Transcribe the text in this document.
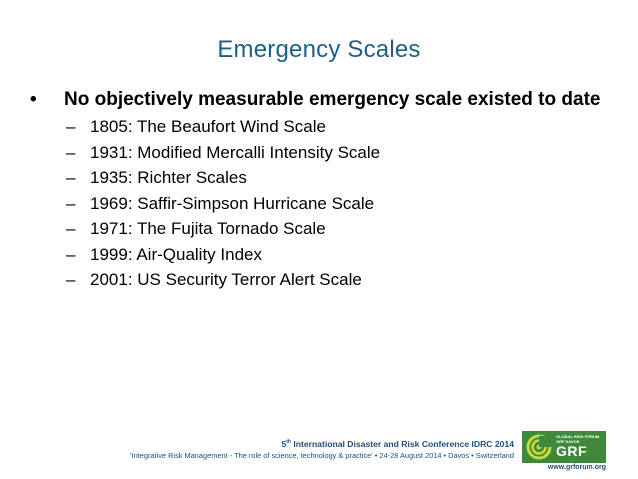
Emergency Scales
•	No objectively measurable emergency scale existed to date
– 1805: The Beaufort Wind Scale
– 1931: Modified Mercalli Intensity Scale
– 1935: Richter Scales
– 1969: Saffir-Simpson Hurricane Scale
– 1971: The Fujita Tornado Scale
– 1999: Air-Quality Index
– 2001: US Security Terror Alert Scale
5th International Disaster and Risk Conference IDRC 2014
'Integrative Risk Management - The role of science, technology & practice' • 24-28 August 2014 • Davos • Switzerland
GLOBAL RISK FORUM
GRF DAVOS
GRF
www.grforum.org
